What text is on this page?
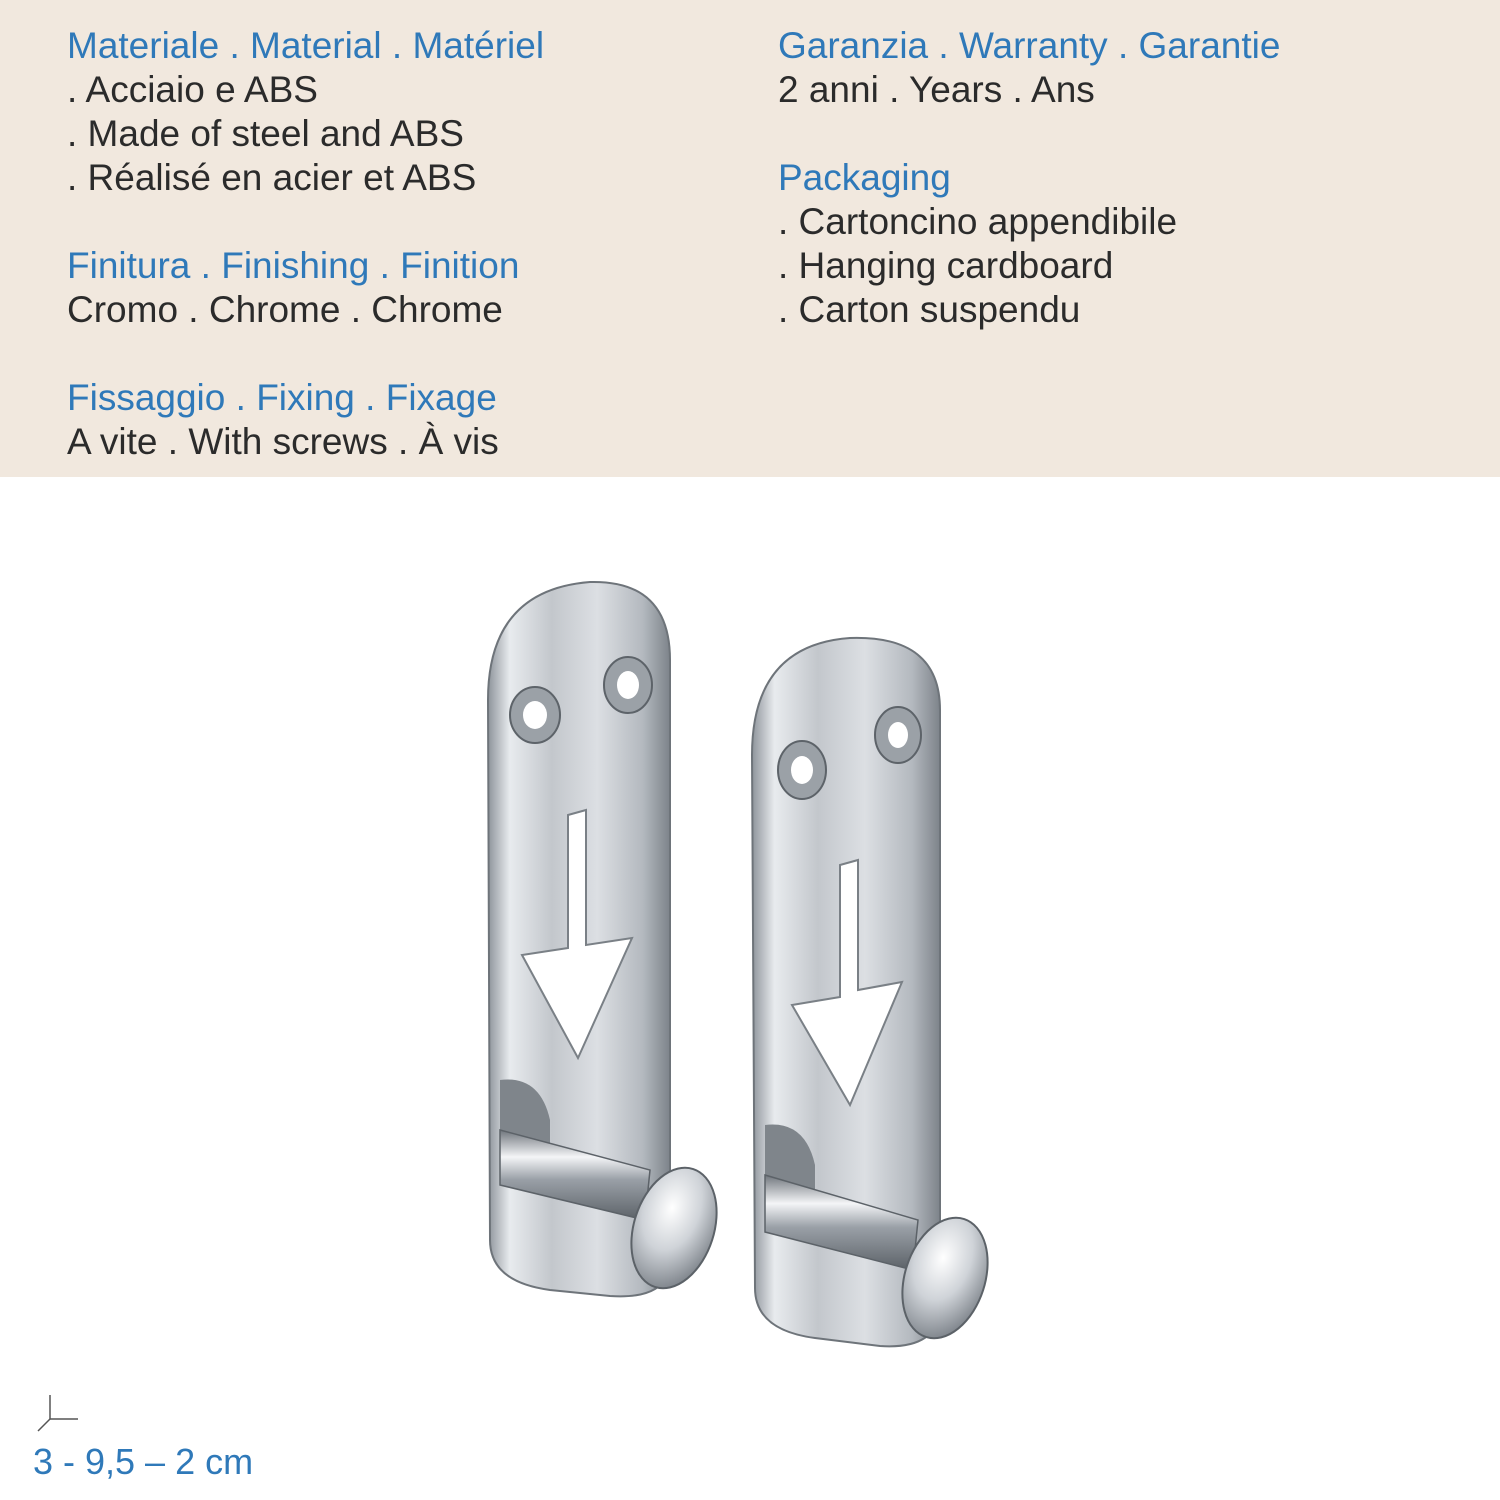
Materiale . Material . Matériel
. Acciaio e ABS
. Made of steel and ABS
. Réalisé en acier et ABS
Finitura . Finishing . Finition
Cromo . Chrome . Chrome
Fissaggio . Fixing . Fixage
A vite . With screws . À vis
Garanzia . Warranty . Garantie
2 anni . Years . Ans
Packaging
. Cartoncino appendibile
. Hanging cardboard
. Carton suspendu
3 - 9,5 – 2 cm
